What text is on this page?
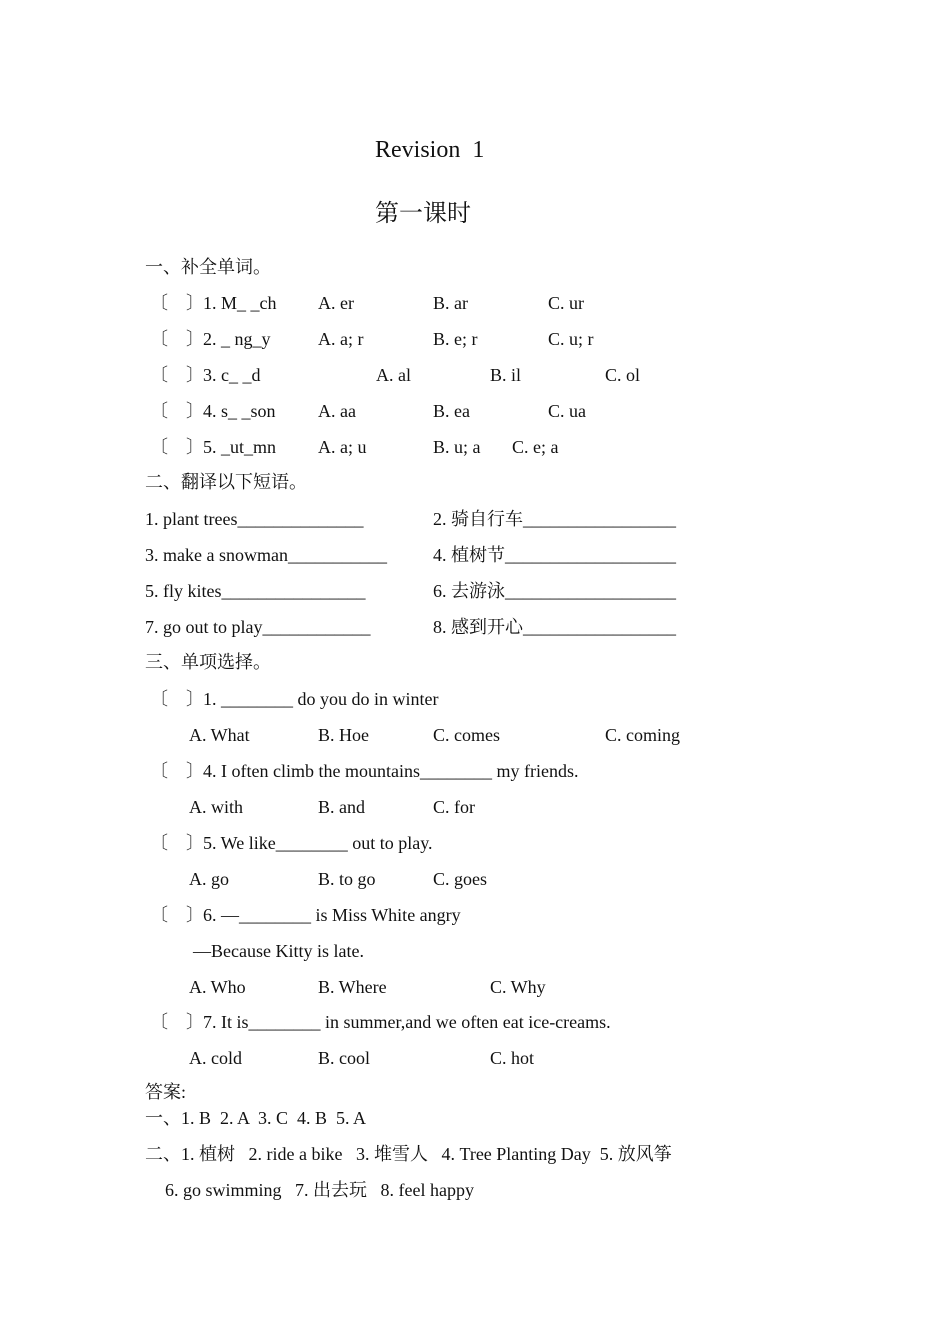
Revision  1
第一课时
一、补全单词。
〔    〕 1. M_ _ch A. er	B. ar	C. ur
〔    〕 2. _ ng_y	A. a; r	B. e; r	C. u; r
〔    〕 3. c_ _d	A. al	B. il	C. ol
〔    〕 4. s_ _son A. aa	B. ea	C. ua
〔    〕 5. _ut_mn A. a; u	B. u; a C. e; a
二、翻译以下短语。
1. plant trees______________	2. 骑自行车_________________
3. make a snowman___________	4. 植树节___________________
5. fly kites________________	6. 去游泳___________________
7. go out to play____________	8. 感到开心_________________
三、单项选择。
〔    〕 1. ________ do you do in winter
A. What	B. Hoe	C. comes	C. coming
〔    〕 4. I often climb the mountains________ my friends.
A. with	B. and	C. for
〔    〕 5. We like________ out to play.
A. go	B. to go	C. goes
〔    〕 6. —________ is Miss White angry
—Because Kitty is late.
A. Who	B. Where	C. Why
〔    〕 7. It is________ in summer,and we often eat ice-creams.
A. cold	B. cool	C. hot
答案:
一、1. B  2. A  3. C  4. B  5. A
二、1. 植树   2. ride a bike   3. 堆雪人   4. Tree Planting Day  5. 放风筝
6. go swimming   7. 出去玩   8. feel happy
